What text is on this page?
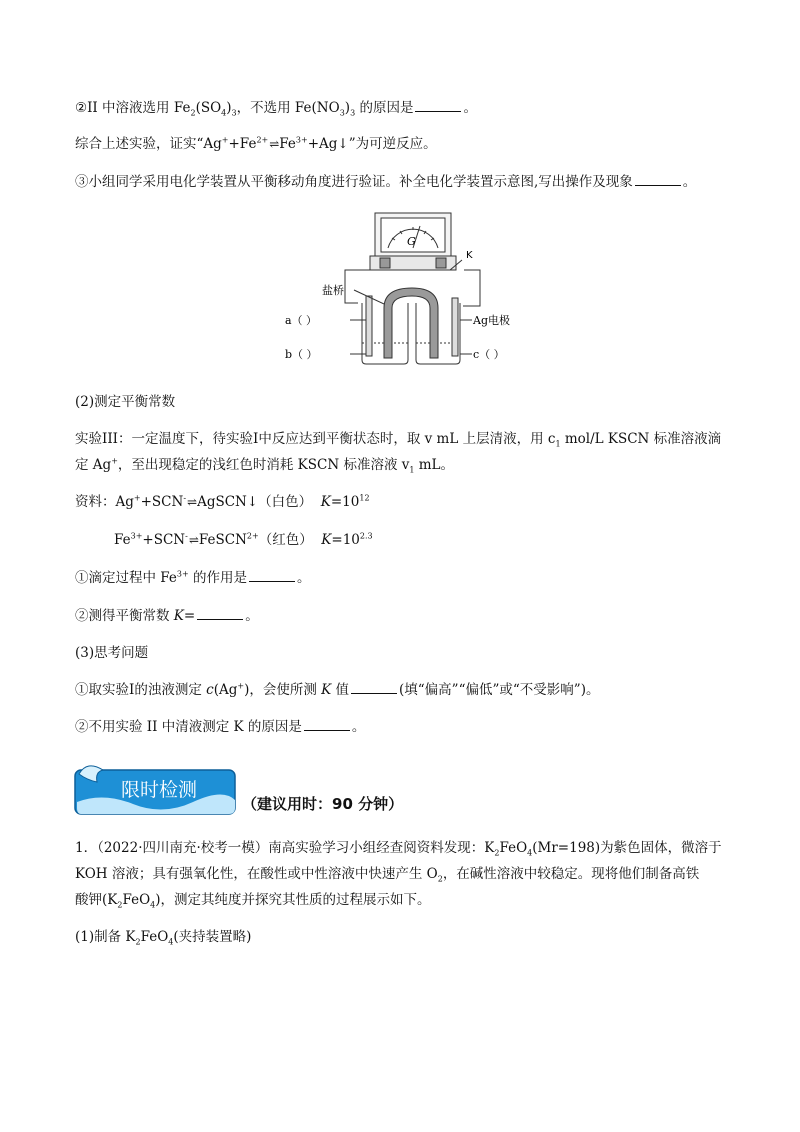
②II 中溶液选用 $Fe_2(SO_4)_3$，不选用 $Fe(NO_3)_3$ 的原因是	。
综合上述实验，证实“$Ag^++Fe^{2+}\rightleftharpoons Fe^{3+}+Ag↓$”为可逆反应。
③小组同学采用电化学装置从平衡移动角度进行验证。补全电化学装置示意图,写出操作及现象	。
G
K
盐桥
a（ ）
b（ ）
Ag电极
c（ ）
(2)测定平衡常数
实验III：一定温度下，待实验Ⅰ中反应达到平衡状态时，取 v mL 上层清液，用 $c_1$ mol/L KSCN 标准溶液滴
定 Ag+，至出现稳定的浅红色时消耗 KSCN 标准溶液 $v_1$ mL。
资料：Ag++SCN-⇌AgSCN↓（白色） $K=10^{12}$
$Fe^{3+}+SCN^-\rightleftharpoons FeSCN^{2+}$（红色） $K=10^{2.3}$
①滴定过程中 $Fe^{3+}$ 的作用是	。
②测得平衡常数 K=	。
(3)思考问题
①取实验Ⅰ的浊液测定 c(Ag+)，会使所测 K 值	(填“偏高”“偏低”或“不受影响”)。
②不用实验 II 中清液测定 K 的原因是	。
限时检测
（建议用时：90 分钟）
1．（2022·四川南充·校考一模）南高实验学习小组经查阅资料发现：$K_2FeO_4(Mr=198)$为紫色固体，微溶于
KOH 溶液；具有强氧化性，在酸性或中性溶液中快速产生 $O_2$，在碱性溶液中较稳定。现将他们制备高铁
酸钾$(K_2FeO_4)$，测定其纯度并探究其性质的过程展示如下。
(1)制备 $K_2FeO_4$(夹持装置略)
